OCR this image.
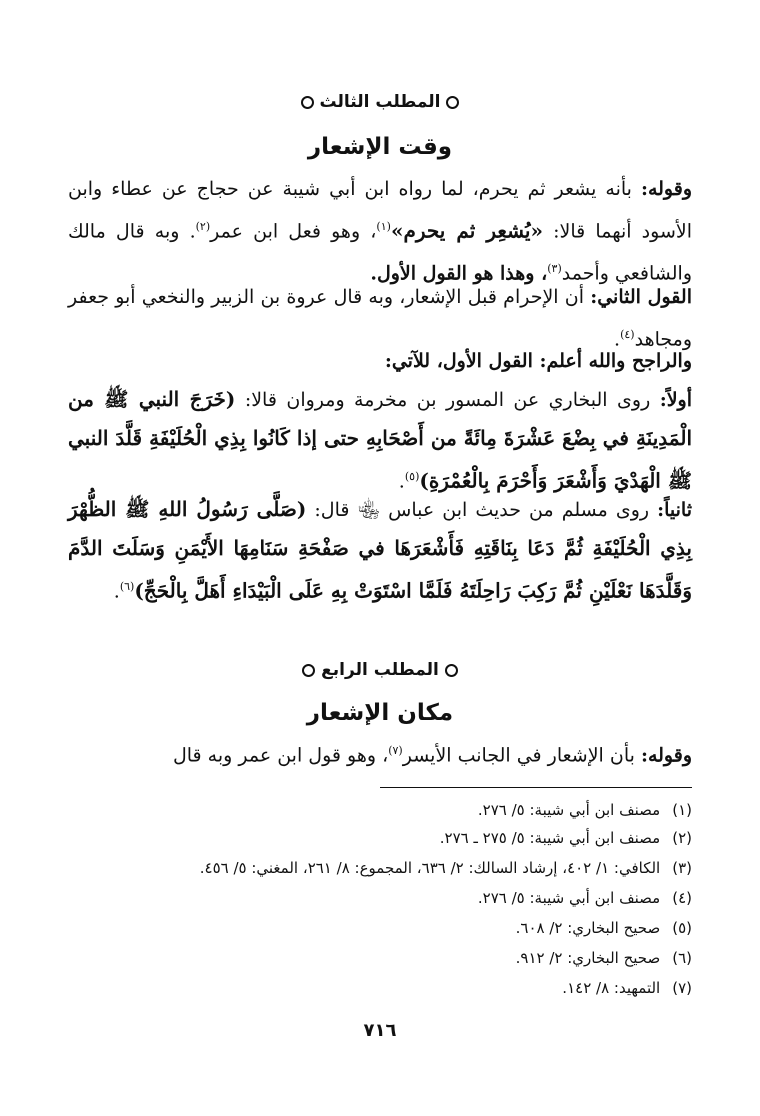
المطلب الثالث
وقت الإشعار
وقوله: بأنه يشعر ثم يحرم، لما رواه ابن أبي شيبة عن حجاج عن عطاء وابن الأسود أنهما قالا: «يُشعِر ثم يحرم»$^{(١)}$، وهو فعل ابن عمر$^{(٢)}$. وبه قال مالك والشافعي وأحمد$^{(٣)}$، وهذا هو القول الأول.
القول الثاني: أن الإحرام قبل الإشعار، وبه قال عروة بن الزبير والنخعي أبو جعفر ومجاهد$^{(٤)}$.
والراجح والله أعلم: القول الأول، للآتي:
أولاً: روى البخاري عن المسور بن مخرمة ومروان قالا: (خَرَجَ النبي ﷺ من الْمَدِينَةِ في بِضْعَ عَشْرَةَ مِائَةً من أَصْحَابِهِ حتى إذا كَانُوا بِذِي الْحُلَيْفَةِ قَلَّدَ النبي ﷺ الْهَدْيَ وَأَشْعَرَ وَأَحْرَمَ بِالْعُمْرَةِ)$^{(٥)}$.
ثانياً: روى مسلم من حديث ابن عباس ﵄ قال: (صَلَّى رَسُولُ اللهِ ﷺ الظُّهْرَ بِذِي الْحُلَيْفَةِ ثُمَّ دَعَا بِنَاقَتِهِ فَأَشْعَرَهَا في صَفْحَةِ سَنَامِهَا الأَيْمَنِ وَسَلَتَ الدَّمَ وَقَلَّدَهَا نَعْلَيْنِ ثُمَّ رَكِبَ رَاحِلَتَهُ فَلَمَّا اسْتَوَتْ بِهِ عَلَى الْبَيْدَاءِ أَهَلَّ بِالْحَجِّ)$^{(٦)}$.
المطلب الرابع
مكان الإشعار
وقوله: بأن الإشعار في الجانب الأيسر$^{(٧)}$، وهو قول ابن عمر وبه قال
(١)مصنف ابن أبي شيبة: ٥/ ٢٧٦.
(٢)مصنف ابن أبي شيبة: ٥/ ٢٧٥ ـ ٢٧٦.
(٣)الكافي: ١/ ٤٠٢، إرشاد السالك: ٢/ ٦٣٦، المجموع: ٨/ ٢٦١، المغني: ٥/ ٤٥٦.
(٤)مصنف ابن أبي شيبة: ٥/ ٢٧٦.
(٥)صحيح البخاري: ٢/ ٦٠٨.
(٦)صحيح البخاري: ٢/ ٩١٢.
(٧)التمهيد: ٨/ ١٤٢.
٧١٦
